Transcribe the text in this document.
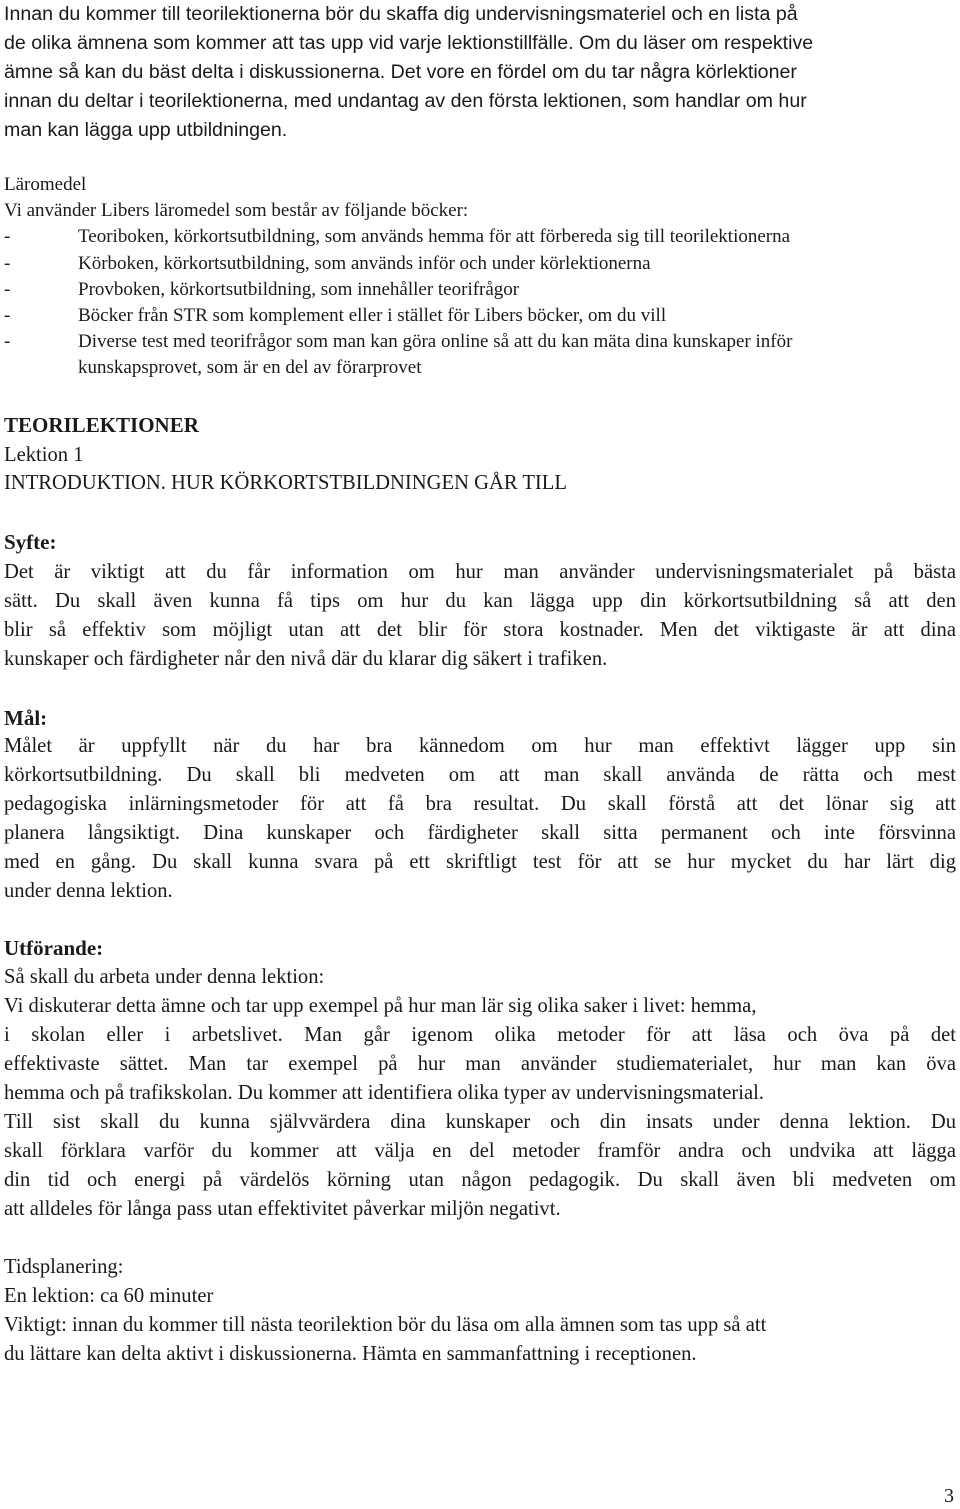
Innan du kommer till teorilektionerna bör du skaffa dig undervisningsmateriel och en lista på
de olika ämnena som kommer att tas upp vid varje lektionstillfälle. Om du läser om respektive
ämne så kan du bäst delta i diskussionerna. Det vore en fördel om du tar några körlektioner
innan du deltar i teorilektionerna, med undantag av den första lektionen, som handlar om hur
man kan lägga upp utbildningen.
Läromedel
Vi använder Libers läromedel som består av följande böcker:
-	Teoriboken, körkortsutbildning, som används hemma för att förbereda sig till teorilektionerna
-	Körboken, körkortsutbildning, som används inför och under körlektionerna
-	Provboken, körkortsutbildning, som innehåller teorifrågor
-	Böcker från STR som komplement eller i stället för Libers böcker, om du vill
-	Diverse test med teorifrågor som man kan göra online så att du kan mäta dina kunskaper inför
kunskapsprovet, som är en del av förarprovet
TEORILEKTIONER
Lektion 1
INTRODUKTION. HUR KÖRKORTSTBILDNINGEN GÅR TILL
Syfte:
Det är viktigt att du får information om hur man använder undervisningsmaterialet på bästa
sätt. Du skall även kunna få tips om hur du kan lägga upp din körkortsutbildning så att den
blir så effektiv som möjligt utan att det blir för stora kostnader. Men det viktigaste är att dina
kunskaper och färdigheter når den nivå där du klarar dig säkert i trafiken.
Mål:
Målet är uppfyllt när du har bra kännedom om hur man effektivt lägger upp sin
körkortsutbildning. Du skall bli medveten om att man skall använda de rätta och mest
pedagogiska inlärningsmetoder för att få bra resultat. Du skall förstå att det lönar sig att
planera långsiktigt. Dina kunskaper och färdigheter skall sitta permanent och inte försvinna
med en gång. Du skall kunna svara på ett skriftligt test för att se hur mycket du har lärt dig
under denna lektion.
Utförande:
Så skall du arbeta under denna lektion:
Vi diskuterar detta ämne och tar upp exempel på hur man lär sig olika saker i livet: hemma,
i skolan eller i arbetslivet. Man går igenom olika metoder för att läsa och öva på det
effektivaste sättet. Man tar exempel på hur man använder studiematerialet, hur man kan öva
hemma och på trafikskolan. Du kommer att identifiera olika typer av undervisningsmaterial.
Till sist skall du kunna självvärdera dina kunskaper och din insats under denna lektion. Du
skall förklara varför du kommer att välja en del metoder framför andra och undvika att lägga
din tid och energi på värdelös körning utan någon pedagogik. Du skall även bli medveten om
att alldeles för långa pass utan effektivitet påverkar miljön negativt.
Tidsplanering:
En lektion: ca 60 minuter
Viktigt: innan du kommer till nästa teorilektion bör du läsa om alla ämnen som tas upp så att
du lättare kan delta aktivt i diskussionerna. Hämta en sammanfattning i receptionen.
3
